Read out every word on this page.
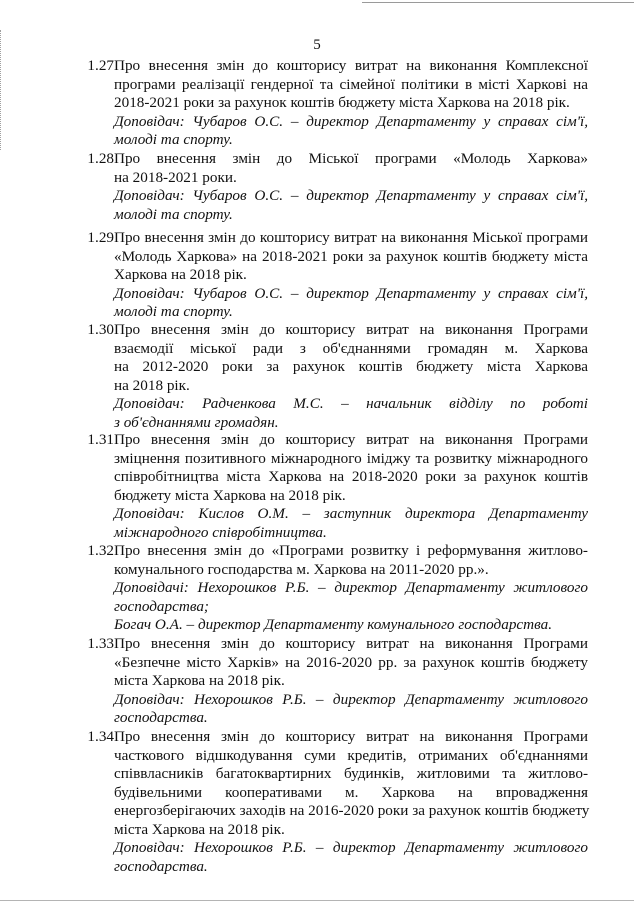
5
1.27 Про внесення змін до кошторису витрат на виконання Комплексної
програми реалізації гендерної та сімейної політики в місті Харкові на
2018-2021 роки за рахунок коштів бюджету міста Харкова на 2018 рік.
Доповідач: Чубаров О.С. – директор Департаменту у справах сім'ї,
молоді та спорту.
1.28 Про внесення змін до Міської програми «Молодь Харкова»
на 2018-2021 роки.
Доповідач: Чубаров О.С. – директор Департаменту у справах сім'ї,
молоді та спорту.
1.29 Про внесення змін до кошторису витрат на виконання Міської програми
«Молодь Харкова» на 2018-2021 роки за рахунок коштів бюджету міста
Харкова на 2018 рік.
Доповідач: Чубаров О.С. – директор Департаменту у справах сім'ї,
молоді та спорту.
1.30 Про внесення змін до кошторису витрат на виконання Програми
взаємодії міської ради з об'єднаннями громадян м. Харкова
на 2012-2020 роки за рахунок коштів бюджету міста Харкова
на 2018 рік.
Доповідач: Радченкова М.С. – начальник відділу по роботі
з об'єднаннями громадян.
1.31 Про внесення змін до кошторису витрат на виконання Програми
зміцнення позитивного міжнародного іміджу та розвитку міжнародного
співробітництва міста Харкова на 2018-2020 роки за рахунок коштів
бюджету міста Харкова на 2018 рік.
Доповідач: Кислов О.М. – заступник директора Департаменту
міжнародного співробітництва.
1.32 Про внесення змін до «Програми розвитку і реформування житлово-
комунального господарства м. Харкова на 2011-2020 рр.».
Доповідачі: Нехорошков Р.Б. – директор Департаменту житлового
господарства;
Богач О.А. – директор Департаменту комунального господарства.
1.33 Про внесення змін до кошторису витрат на виконання Програми
«Безпечне місто Харків» на 2016-2020 рр. за рахунок коштів бюджету
міста Харкова на 2018 рік.
Доповідач: Нехорошков Р.Б. – директор Департаменту житлового
господарства.
1.34 Про внесення змін до кошторису витрат на виконання Програми
часткового відшкодування суми кредитів, отриманих об'єднаннями
співвласників багатоквартирних будинків, житловими та житлово-
будівельними кооперативами м. Харкова на впровадження
енергозберігаючих заходів на 2016-2020 роки за рахунок коштів бюджету
міста Харкова на 2018 рік.
Доповідач: Нехорошков Р.Б. – директор Департаменту житлового
господарства.
